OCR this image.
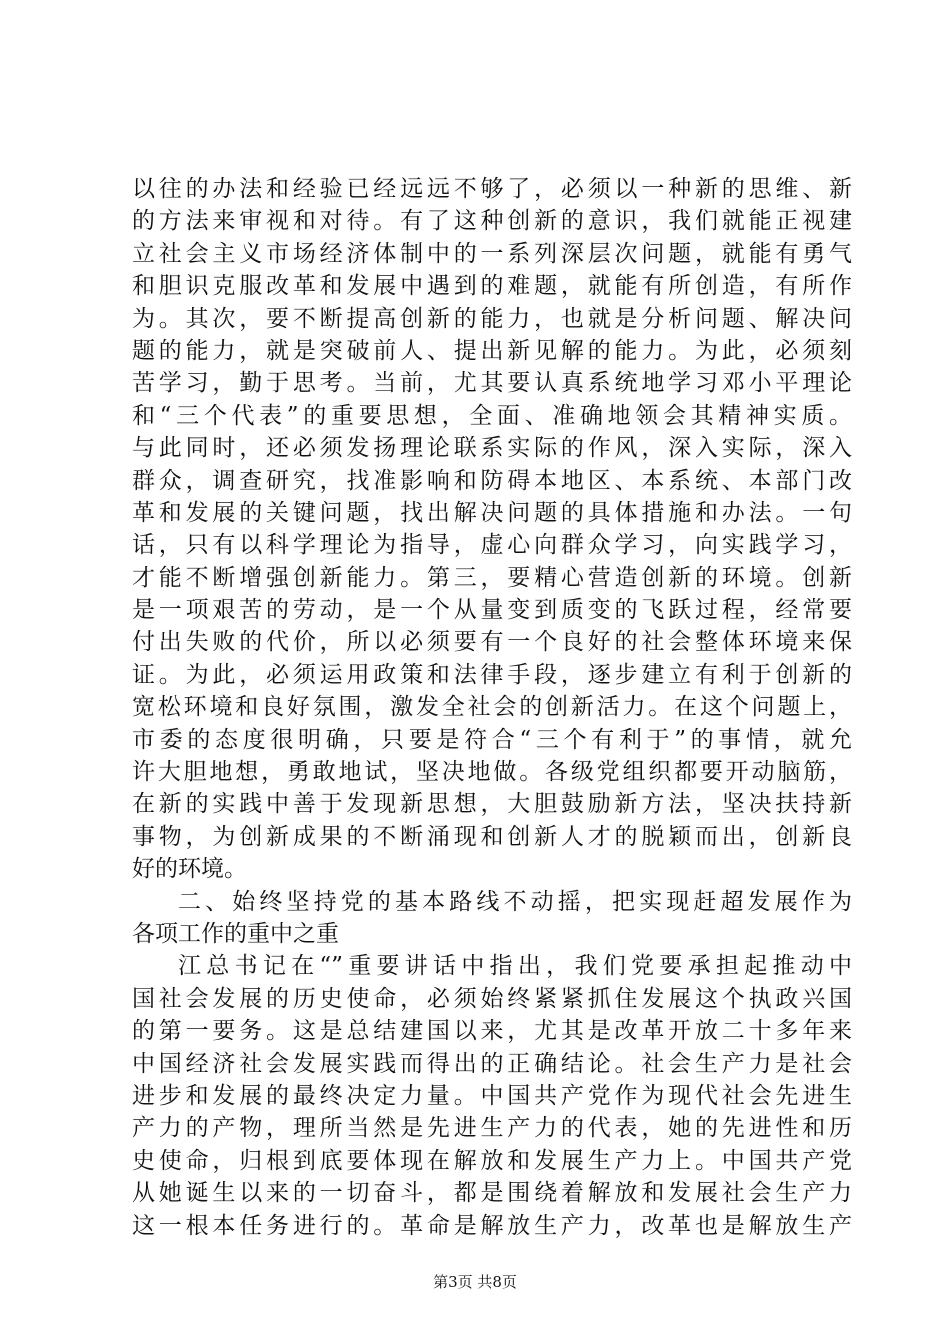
以往的办法和经验已经远远不够了，必须以一种新的思维、新
的方法来审视和对待。有了这种创新的意识，我们就能正视建
立社会主义市场经济体制中的一系列深层次问题，就能有勇气
和胆识克服改革和发展中遇到的难题，就能有所创造，有所作
为。其次，要不断提高创新的能力，也就是分析问题、解决问
题的能力，就是突破前人、提出新见解的能力。为此，必须刻
苦学习，勤于思考。当前，尤其要认真系统地学习邓小平理论
和“三个代表”的重要思想，全面、准确地领会其精神实质。
与此同时，还必须发扬理论联系实际的作风，深入实际，深入
群众，调查研究，找准影响和防碍本地区、本系统、本部门改
革和发展的关键问题，找出解决问题的具体措施和办法。一句
话，只有以科学理论为指导，虚心向群众学习，向实践学习，
才能不断增强创新能力。第三，要精心营造创新的环境。创新
是一项艰苦的劳动，是一个从量变到质变的飞跃过程，经常要
付出失败的代价，所以必须要有一个良好的社会整体环境来保
证。为此，必须运用政策和法律手段，逐步建立有利于创新的
宽松环境和良好氛围，激发全社会的创新活力。在这个问题上，
市委的态度很明确，只要是符合“三个有利于”的事情，就允
许大胆地想，勇敢地试，坚决地做。各级党组织都要开动脑筋，
在新的实践中善于发现新思想，大胆鼓励新方法，坚决扶持新
事物，为创新成果的不断涌现和创新人才的脱颖而出，创新良
好的环境。
二、始终坚持党的基本路线不动摇，把实现赶超发展作为
各项工作的重中之重
江总书记在“”重要讲话中指出，我们党要承担起推动中
国社会发展的历史使命，必须始终紧紧抓住发展这个执政兴国
的第一要务。这是总结建国以来，尤其是改革开放二十多年来
中国经济社会发展实践而得出的正确结论。社会生产力是社会
进步和发展的最终决定力量。中国共产党作为现代社会先进生
产力的产物，理所当然是先进生产力的代表，她的先进性和历
史使命，归根到底要体现在解放和发展生产力上。中国共产党
从她诞生以来的一切奋斗，都是围绕着解放和发展社会生产力
这一根本任务进行的。革命是解放生产力，改革也是解放生产
第3页 共8页
